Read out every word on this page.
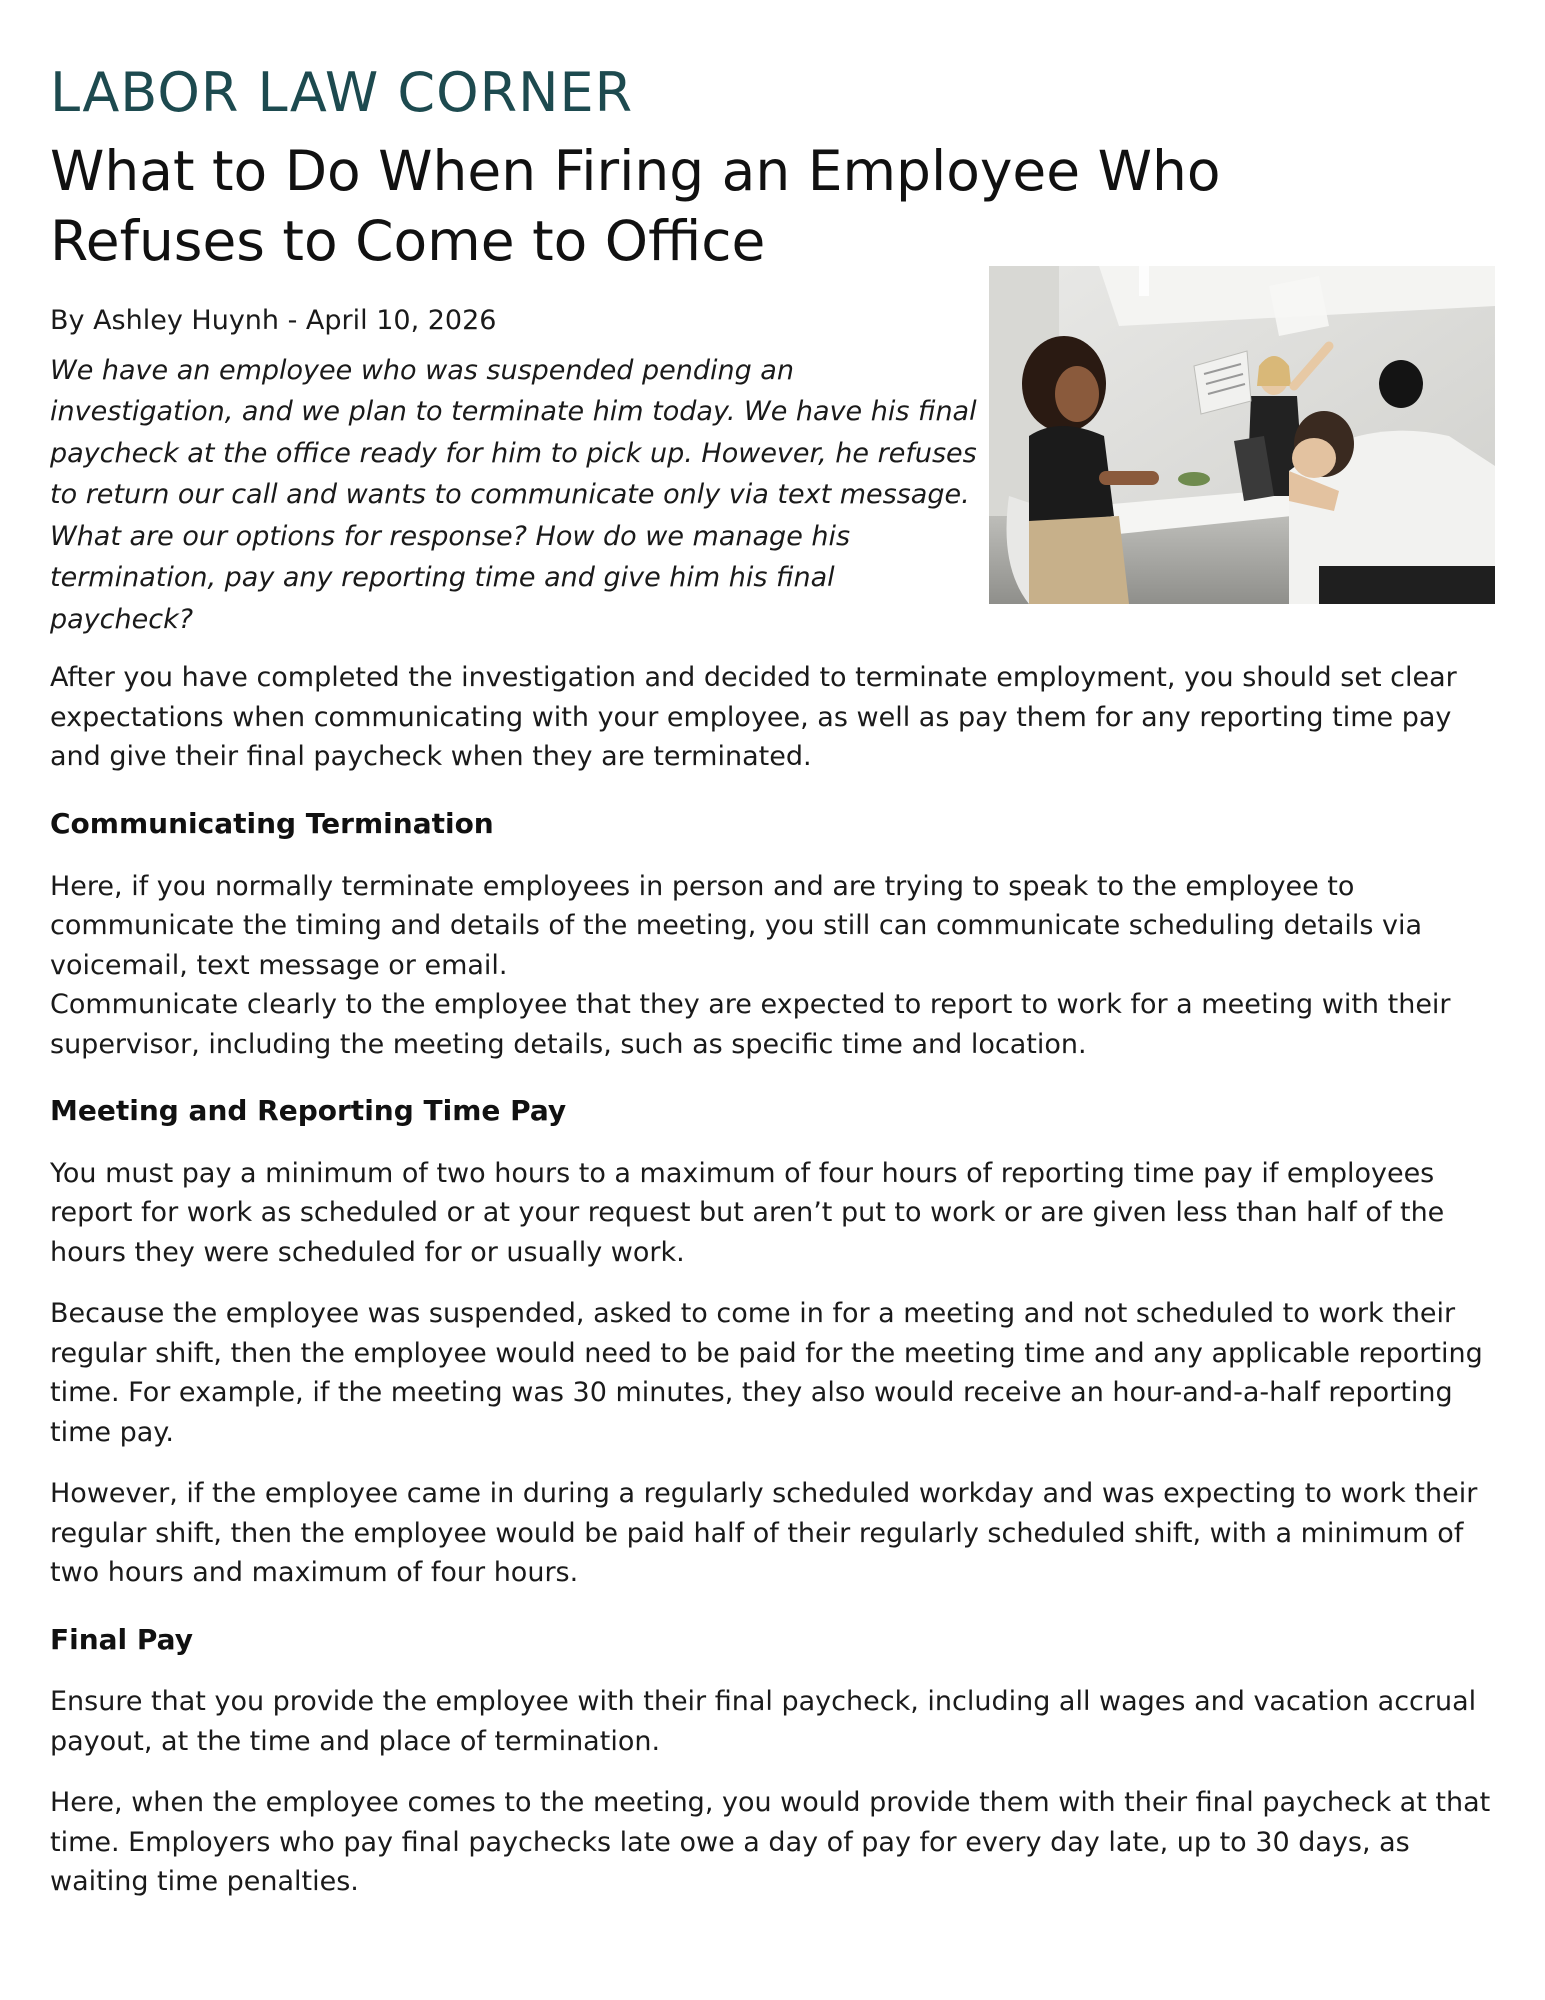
LABOR LAW CORNER
What to Do When Firing an Employee Who Refuses to Come to Office
By Ashley Huynh - April 10, 2026

We have an employee who was suspended pending an investigation, and we plan to terminate him today. We have his final paycheck at the office ready for him to pick up. However, he refuses to return our call and wants to communicate only via text message. What are our options for response? How do we manage his termination, pay any reporting time and give him his final paycheck?

After you have completed the investigation and decided to terminate employment, you should set clear expectations when communicating with your employee, as well as pay them for any reporting time pay and give their final paycheck when they are terminated.

Communicating Termination

Here, if you normally terminate employees in person and are trying to speak to the employee to communicate the timing and details of the meeting, you still can communicate scheduling details via voicemail, text message or email.

Communicate clearly to the employee that they are expected to report to work for a meeting with their supervisor, including the meeting details, such as specific time and location.

Meeting and Reporting Time Pay

You must pay a minimum of two hours to a maximum of four hours of reporting time pay if employees report for work as scheduled or at your request but aren’t put to work or are given less than half of the hours they were scheduled for or usually work.

Because the employee was suspended, asked to come in for a meeting and not scheduled to work their regular shift, then the employee would need to be paid for the meeting time and any applicable reporting time. For example, if the meeting was 30 minutes, they also would receive an hour-and-a-half reporting time pay.

However, if the employee came in during a regularly scheduled workday and was expecting to work their regular shift, then the employee would be paid half of their regularly scheduled shift, with a minimum of two hours and maximum of four hours.

Final Pay

Ensure that you provide the employee with their final paycheck, including all wages and vacation accrual payout, at the time and place of termination.

Here, when the employee comes to the meeting, you would provide them with their final paycheck at that time. Employers who pay final paychecks late owe a day of pay for every day late, up to 30 days, as waiting time penalties.
